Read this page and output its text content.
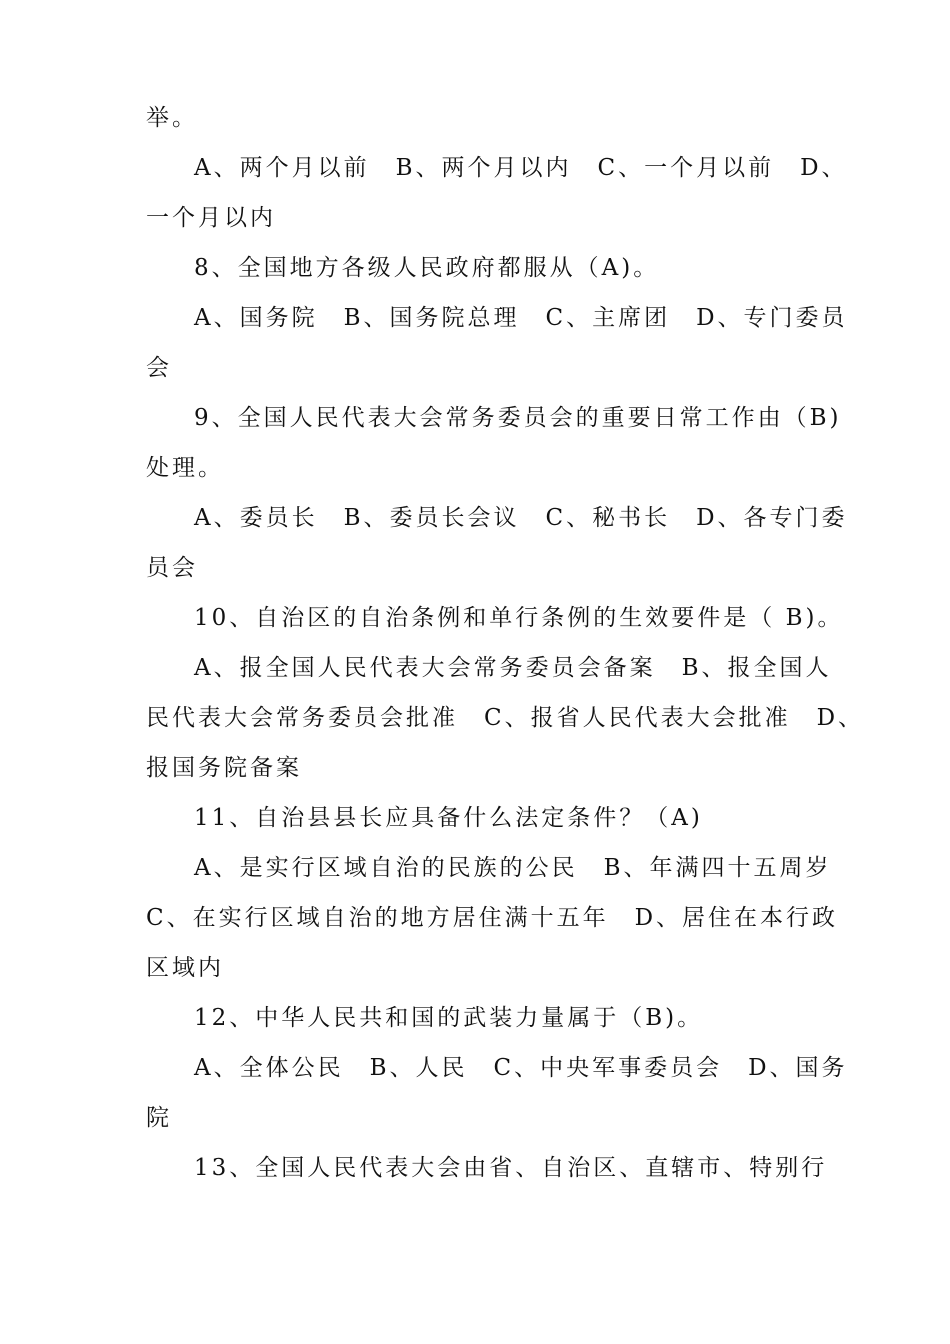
举。
A、两个月以前　B、两个月以内　C、一个月以前　D、
一个月以内
8、全国地方各级人民政府都服从（A)。
A、国务院　B、国务院总理　C、主席团　D、专门委员
会
9、全国人民代表大会常务委员会的重要日常工作由（B)
处理。
A、委员长　B、委员长会议　C、秘书长　D、各专门委
员会
10、自治区的自治条例和单行条例的生效要件是（ B)。
A、报全国人民代表大会常务委员会备案　B、报全国人
民代表大会常务委员会批准　C、报省人民代表大会批准　D、
报国务院备案
11、自治县县长应具备什么法定条件？（A)
A、是实行区域自治的民族的公民　B、年满四十五周岁
C、在实行区域自治的地方居住满十五年　D、居住在本行政
区域内
12、中华人民共和国的武装力量属于（B)。
A、全体公民　B、人民　C、中央军事委员会　D、国务
院
13、全国人民代表大会由省、自治区、直辖市、特别行
